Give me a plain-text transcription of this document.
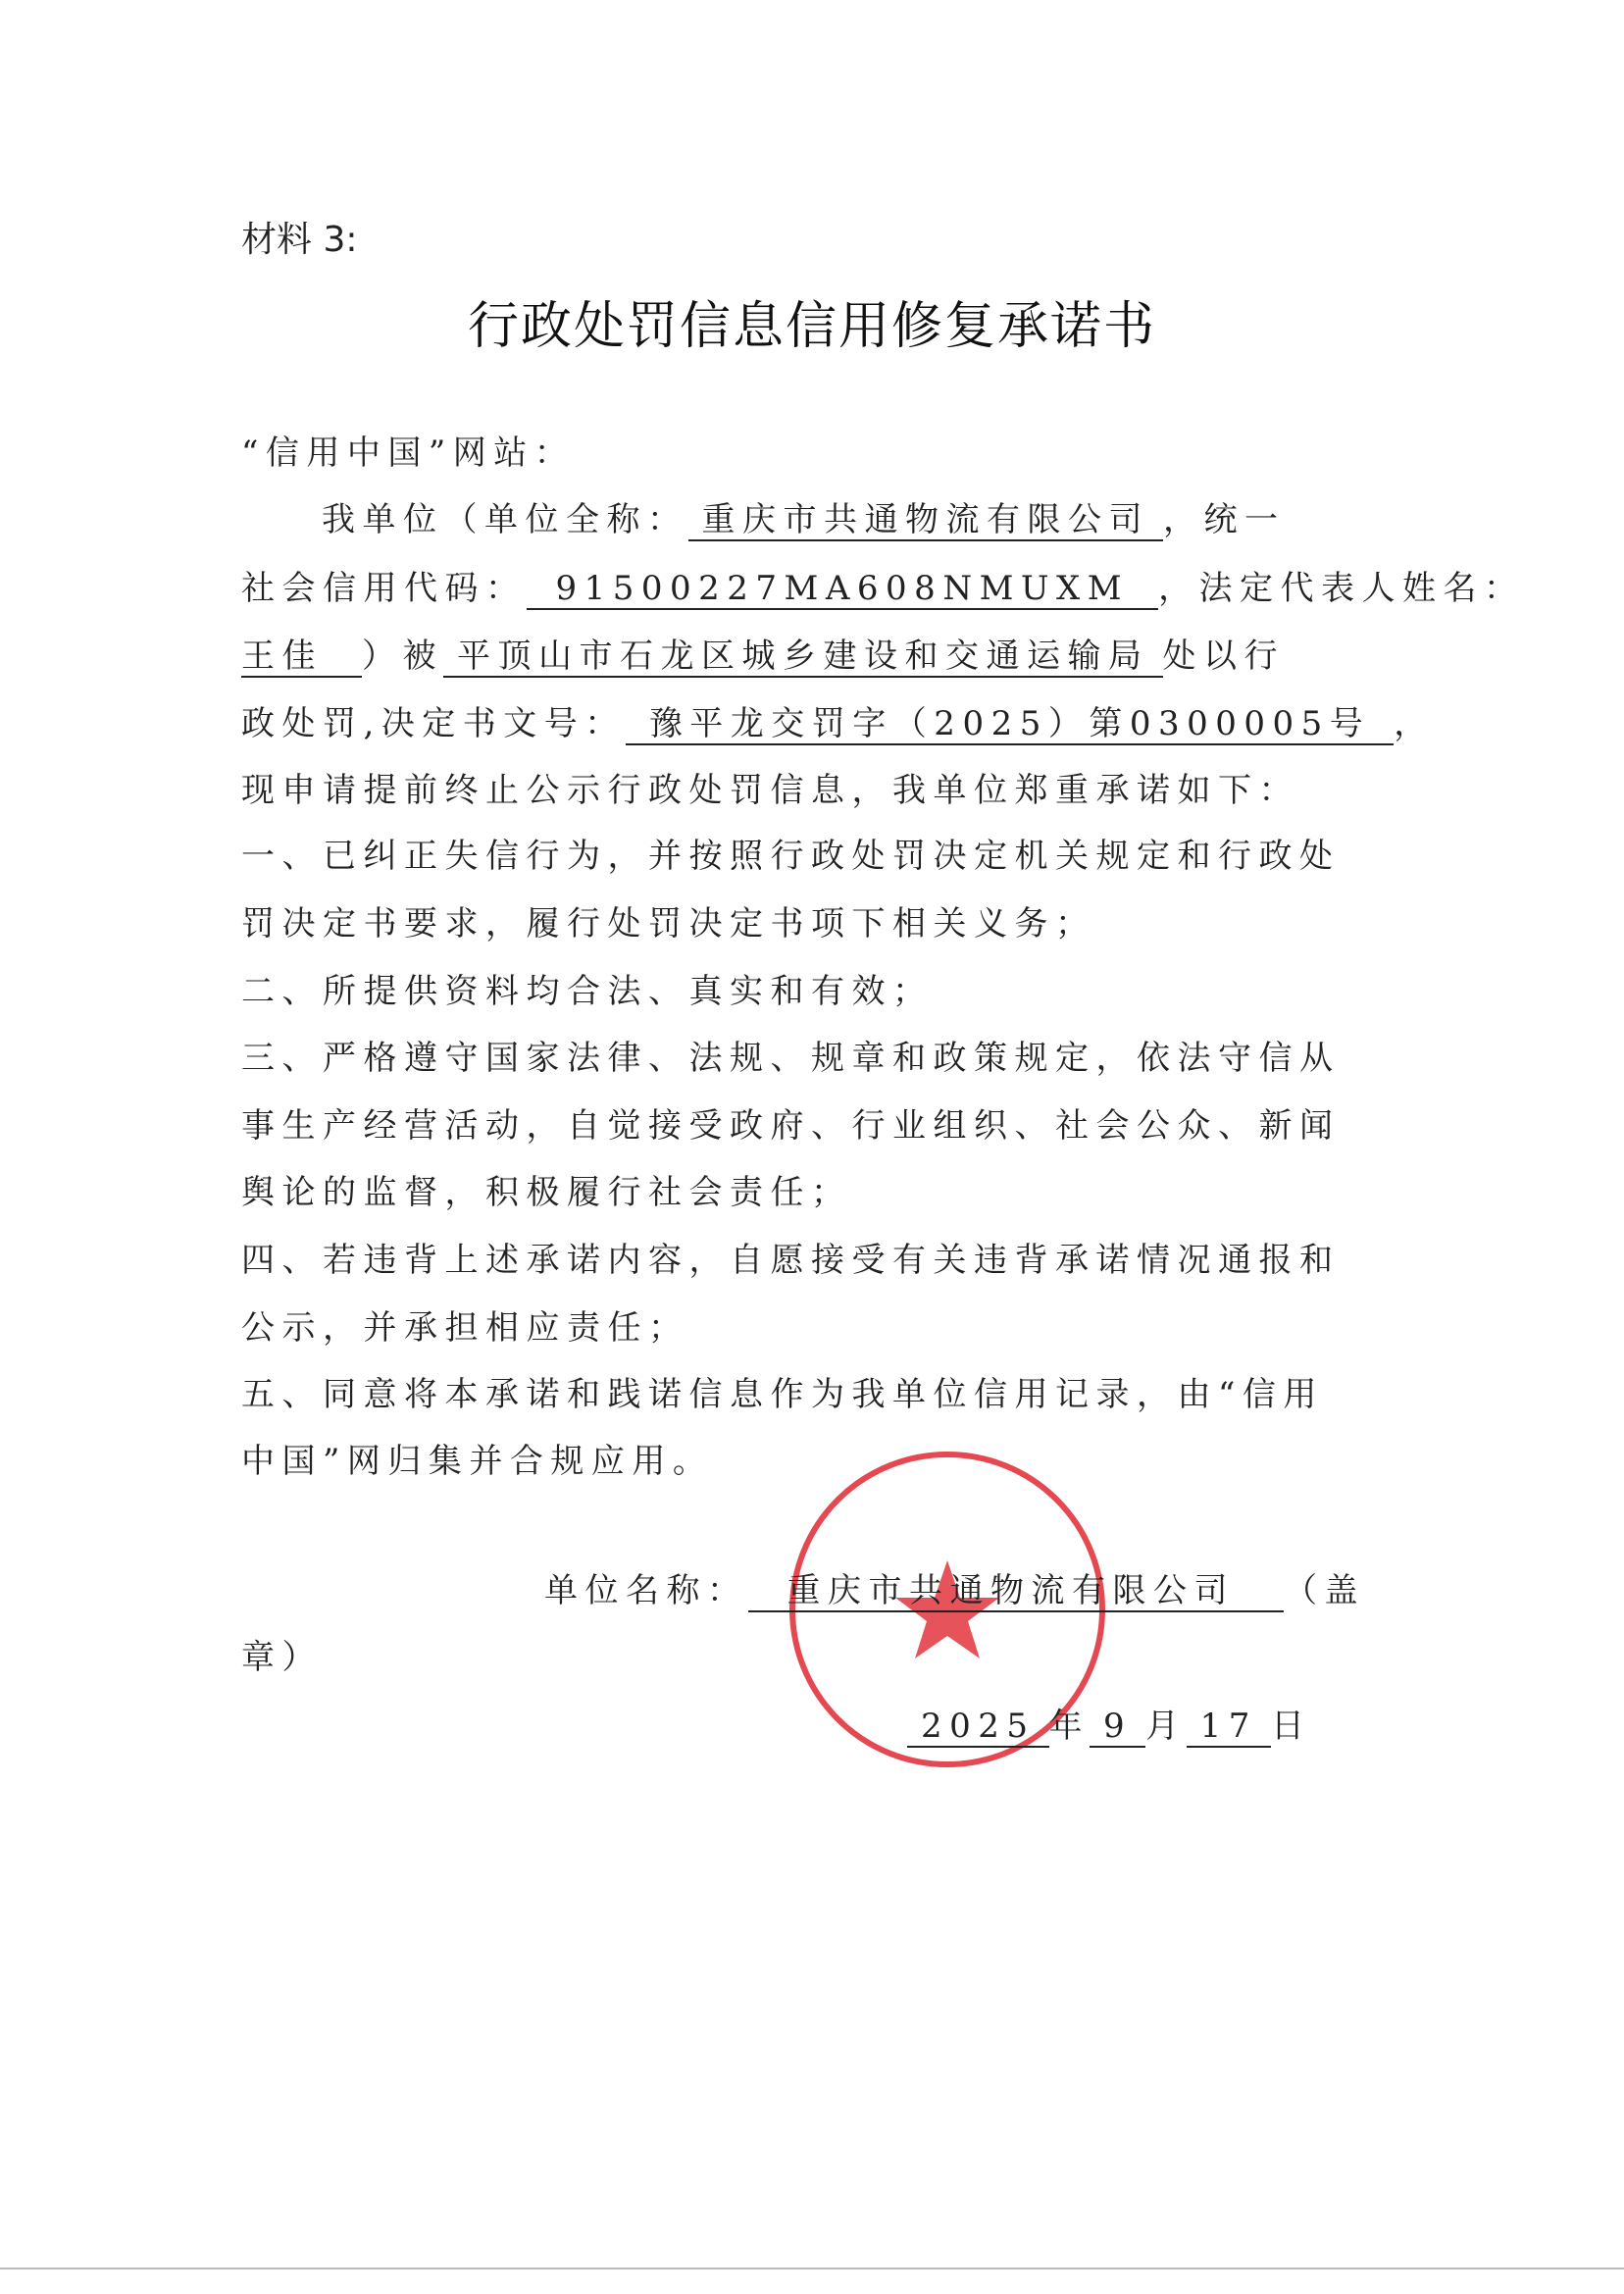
材料 3:
行政处罚信息信用修复承诺书
“信用中国”网站：
我单位（单位全称： 重庆市共通物流有限公司 ，统一
社会信用代码： 91500227MA608NMUXM ，法定代表人姓名：
王佳 ）被 平顶山市石龙区城乡建设和交通运输局 处以行
政处罚,决定书文号： 豫平龙交罚字（2025）第0300005号 ，
现申请提前终止公示行政处罚信息，我单位郑重承诺如下：
一、已纠正失信行为，并按照行政处罚决定机关规定和行政处
罚决定书要求，履行处罚决定书项下相关义务；
二、所提供资料均合法、真实和有效；
三、严格遵守国家法律、法规、规章和政策规定，依法守信从
事生产经营活动，自觉接受政府、行业组织、社会公众、新闻
舆论的监督，积极履行社会责任；
四、若违背上述承诺内容，自愿接受有关违背承诺情况通报和
公示，并承担相应责任；
五、同意将本承诺和践诺信息作为我单位信用记录，由“信用
中国”网归集并合规应用。
单位名称： 重庆市共通物流有限公司 （盖
章）
2025 年 9 月 17 日
